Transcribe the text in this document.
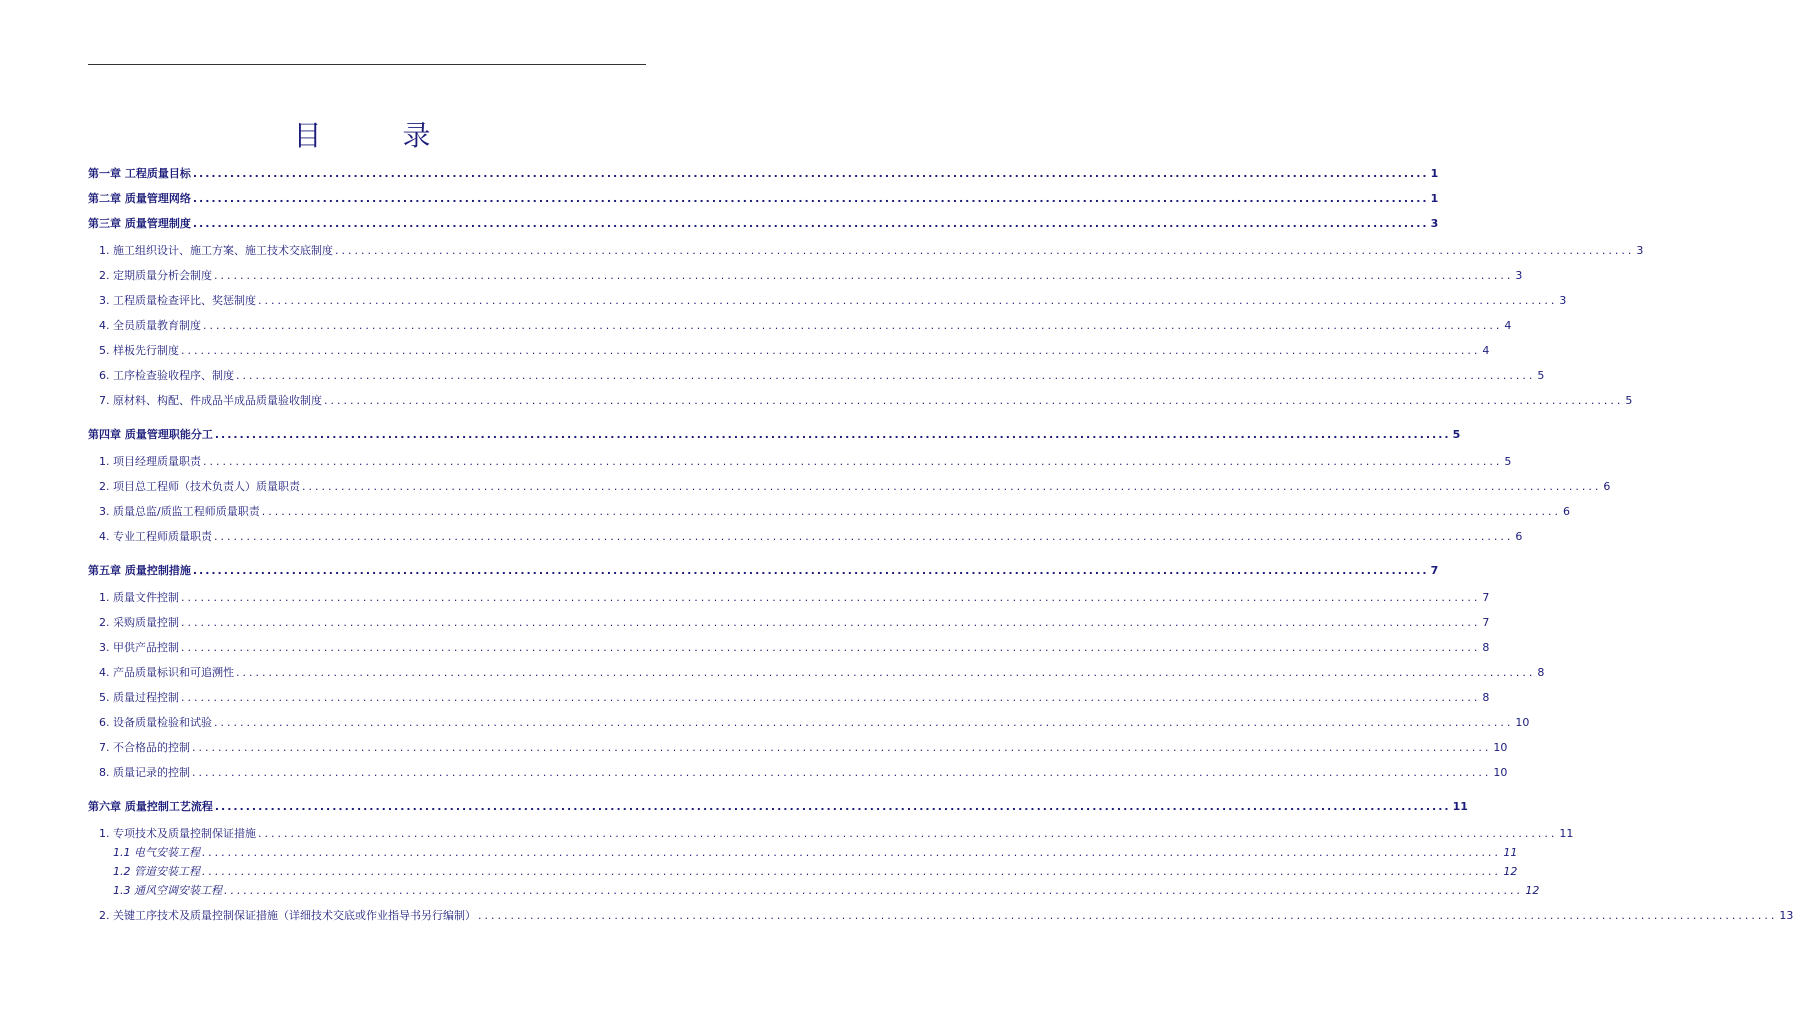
目 录
第一章 工程质量目标 ........................................................................................................................................................................................................ 1
第二章 质量管理网络 ........................................................................................................................................................................................................ 1
第三章 质量管理制度 ........................................................................................................................................................................................................ 3
1. 施工组织设计、施工方案、施工技术交底制度 ........................................................................................................................................................................................................ 3
2. 定期质量分析会制度 ........................................................................................................................................................................................................ 3
3. 工程质量检查评比、奖惩制度 ........................................................................................................................................................................................................ 3
4. 全员质量教育制度 ........................................................................................................................................................................................................ 4
5. 样板先行制度 ........................................................................................................................................................................................................ 4
6. 工序检查验收程序、制度 ........................................................................................................................................................................................................ 5
7. 原材料、构配、件成品半成品质量验收制度 ........................................................................................................................................................................................................ 5
第四章 质量管理职能分工 ........................................................................................................................................................................................................ 5
1. 项目经理质量职责 ........................................................................................................................................................................................................ 5
2. 项目总工程师（技术负责人）质量职责 ........................................................................................................................................................................................................ 6
3. 质量总监/质监工程师质量职责 ........................................................................................................................................................................................................ 6
4. 专业工程师质量职责 ........................................................................................................................................................................................................ 6
第五章 质量控制措施 ........................................................................................................................................................................................................ 7
1. 质量文件控制 ........................................................................................................................................................................................................ 7
2. 采购质量控制 ........................................................................................................................................................................................................ 7
3. 甲供产品控制 ........................................................................................................................................................................................................ 8
4. 产品质量标识和可追溯性 ........................................................................................................................................................................................................ 8
5. 质量过程控制 ........................................................................................................................................................................................................ 8
6. 设备质量检验和试验 ........................................................................................................................................................................................................ 10
7. 不合格品的控制 ........................................................................................................................................................................................................ 10
8. 质量记录的控制 ........................................................................................................................................................................................................ 10
第六章 质量控制工艺流程 ........................................................................................................................................................................................................ 11
1. 专项技术及质量控制保证措施 ........................................................................................................................................................................................................ 11
1.1 电气安装工程 ........................................................................................................................................................................................................ 11
1.2 管道安装工程 ........................................................................................................................................................................................................ 12
1.3 通风空调安装工程 ........................................................................................................................................................................................................ 12
2. 关键工序技术及质量控制保证措施（详细技术交底或作业指导书另行编制） ........................................................................................................................................................................................................ 13
